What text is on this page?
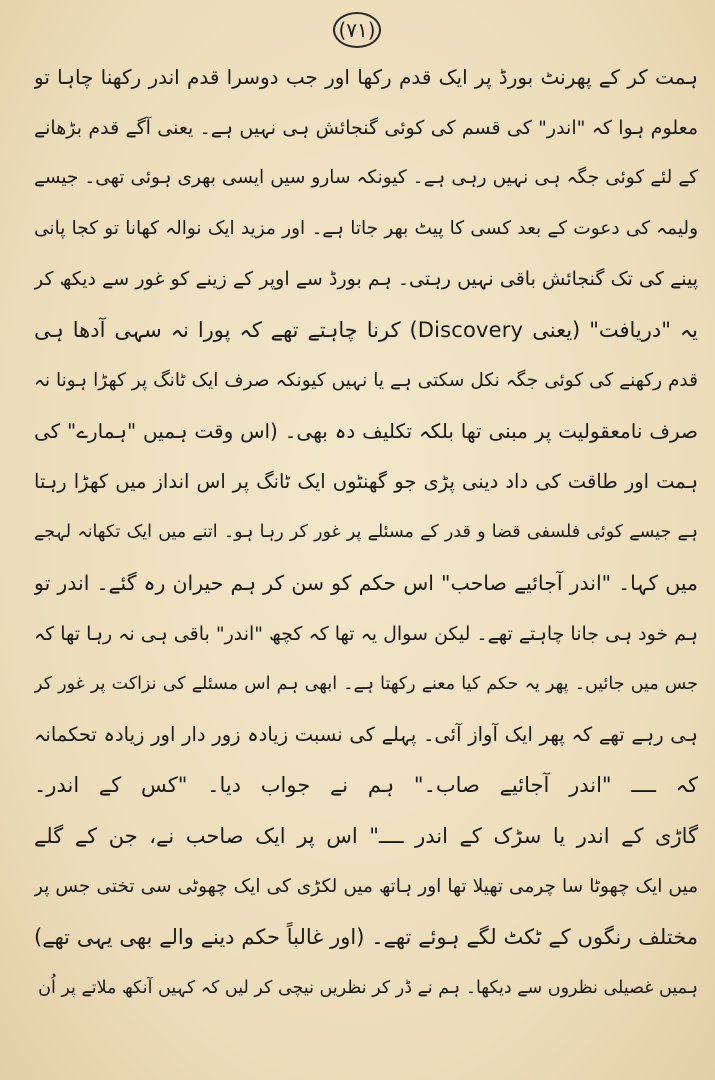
(۷۱)
ہمت کر کے پھرنٹ بورڈ پر ایک قدم رکھا اور جب دوسرا قدم اندر رکھنا چاہا تو
معلوم ہوا کہ "اندر" کی قسم کی کوئی گنجائش ہی نہیں ہے۔ یعنی آگے قدم بڑھانے
کے لئے کوئی جگہ ہی نہیں رہی ہے۔ کیونکہ سارو سیں ایسی بھری ہوئی تھی۔ جیسے
ولیمہ کی دعوت کے بعد کسی کا پیٹ بھر جاتا ہے۔ اور مزید ایک نوالہ کھانا تو کجا پانی
پینے کی تک گنجائش باقی نہیں رہتی۔ ہم بورڈ سے اوپر کے زینے کو غور سے دیکھ کر
یہ "دریافت" (یعنی Discovery) کرنا چاہتے تھے کہ پورا نہ سہی آدھا ہی
قدم رکھنے کی کوئی جگہ نکل سکتی ہے یا نہیں کیونکہ صرف ایک ٹانگ پر کھڑا ہونا نہ
صرف نامعقولیت پر مبنی تھا بلکہ تکلیف دہ بھی۔ (اس وقت ہمیں "ہمارے" کی
ہمت اور طاقت کی داد دینی پڑی جو گھنٹوں ایک ٹانگ پر اس انداز میں کھڑا رہتا
ہے جیسے کوئی فلسفی قضا و قدر کے مسئلے پر غور کر رہا ہو۔ اتنے میں ایک تکھانہ لہجے
میں کہا۔ "اندر آجائیے صاحب" اس حکم کو سن کر ہم حیران رہ گئے۔ اندر تو
ہم خود ہی جانا چاہتے تھے۔ لیکن سوال یہ تھا کہ کچھ "اندر" باقی ہی نہ رہا تھا کہ
جس میں جائیں۔ پھر یہ حکم کیا معنے رکھتا ہے۔ ابھی ہم اس مسئلے کی نزاکت پر غور کر
ہی رہے تھے کہ پھر ایک آواز آئی۔ پہلے کی نسبت زیادہ زور دار اور زیادہ تحکمانہ
کہ ــــ "اندر آجائیے صاب۔" ہم نے جواب دیا۔ "کس کے اندر۔
گاڑی کے اندر یا سڑک کے اندر ــــ" اس پر ایک صاحب نے، جن کے گلے
میں ایک چھوٹا سا چرمی تھیلا تھا اور ہاتھ میں لکڑی کی ایک چھوٹی سی تختی جس پر
مختلف رنگوں کے ٹکٹ لگے ہوئے تھے۔ (اور غالباً حکم دینے والے بھی یہی تھے)
ہمیں غصیلی نظروں سے دیکھا۔ ہم نے ڈر کر نظریں نیچی کر لیں کہ کہیں آنکھ ملاتے پر اُن
